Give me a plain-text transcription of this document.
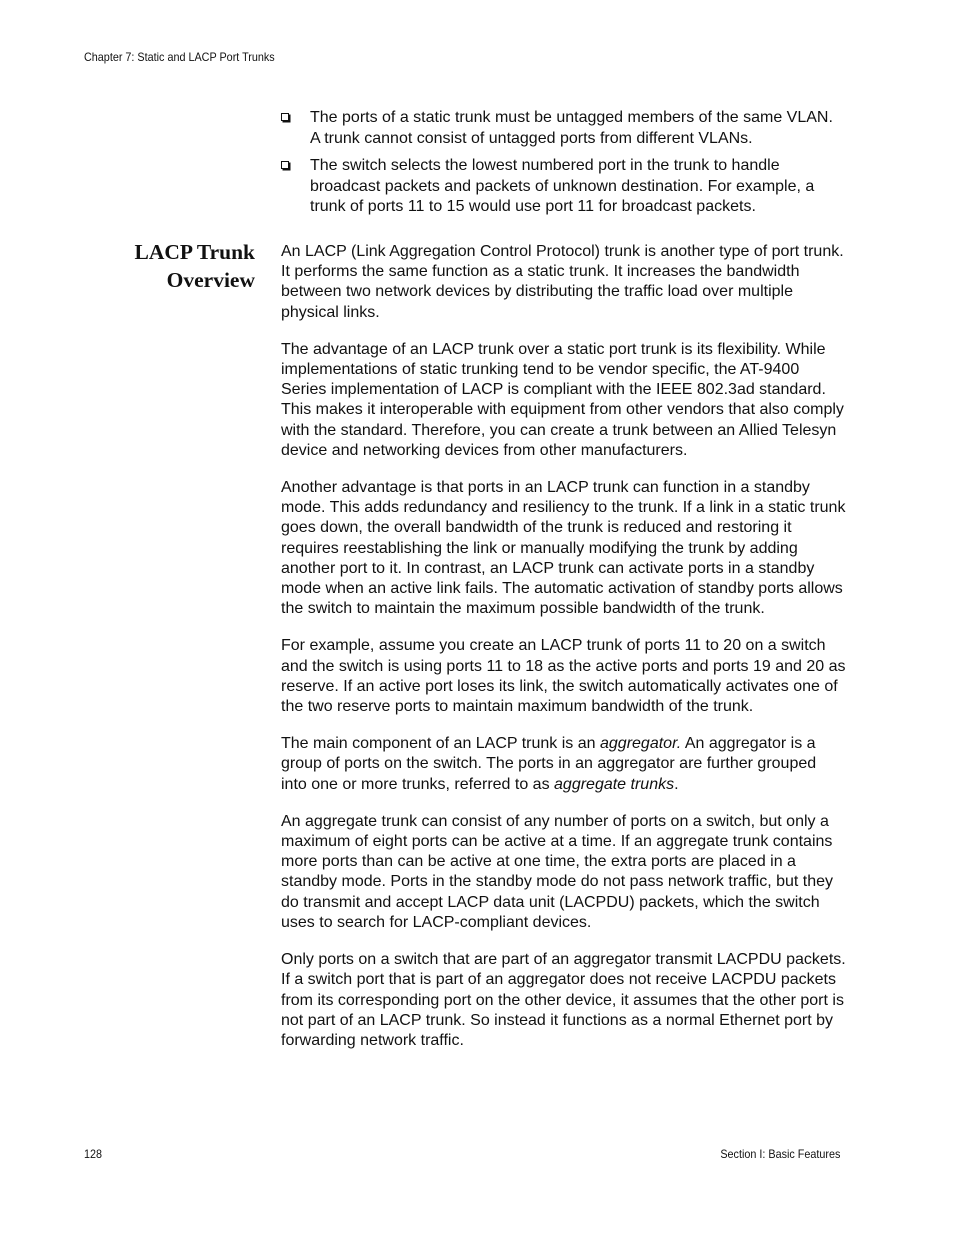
Chapter 7: Static and LACP Port Trunks
The ports of a static trunk must be untagged members of the same VLAN. A trunk cannot consist of untagged ports from different VLANs.
The switch selects the lowest numbered port in the trunk to handle broadcast packets and packets of unknown destination. For example, a trunk of ports 11 to 15 would use port 11 for broadcast packets.
LACP Trunk
Overview

An LACP (Link Aggregation Control Protocol) trunk is another type of port trunk. It performs the same function as a static trunk. It increases the bandwidth between two network devices by distributing the traffic load over multiple physical links.

The advantage of an LACP trunk over a static port trunk is its flexibility. While implementations of static trunking tend to be vendor specific, the AT-9400 Series implementation of LACP is compliant with the IEEE 802.3ad standard. This makes it interoperable with equipment from other vendors that also comply with the standard. Therefore, you can create a trunk between an Allied Telesyn device and networking devices from other manufacturers.

Another advantage is that ports in an LACP trunk can function in a standby mode. This adds redundancy and resiliency to the trunk. If a link in a static trunk goes down, the overall bandwidth of the trunk is reduced and restoring it requires reestablishing the link or manually modifying the trunk by adding another port to it. In contrast, an LACP trunk can activate ports in a standby mode when an active link fails. The automatic activation of standby ports allows the switch to maintain the maximum possible bandwidth of the trunk.

For example, assume you create an LACP trunk of ports 11 to 20 on a switch and the switch is using ports 11 to 18 as the active ports and ports 19 and 20 as reserve. If an active port loses its link, the switch automatically activates one of the two reserve ports to maintain maximum bandwidth of the trunk.

The main component of an LACP trunk is an aggregator. An aggregator is a group of ports on the switch. The ports in an aggregator are further grouped into one or more trunks, referred to as aggregate trunks.

An aggregate trunk can consist of any number of ports on a switch, but only a maximum of eight ports can be active at a time. If an aggregate trunk contains more ports than can be active at one time, the extra ports are placed in a standby mode. Ports in the standby mode do not pass network traffic, but they do transmit and accept LACP data unit (LACPDU) packets, which the switch uses to search for LACP-compliant devices.

Only ports on a switch that are part of an aggregator transmit LACPDU packets. If a switch port that is part of an aggregator does not receive LACPDU packets from its corresponding port on the other device, it assumes that the other port is not part of an LACP trunk. So instead it functions as a normal Ethernet port by forwarding network traffic.

128	Section I: Basic Features
